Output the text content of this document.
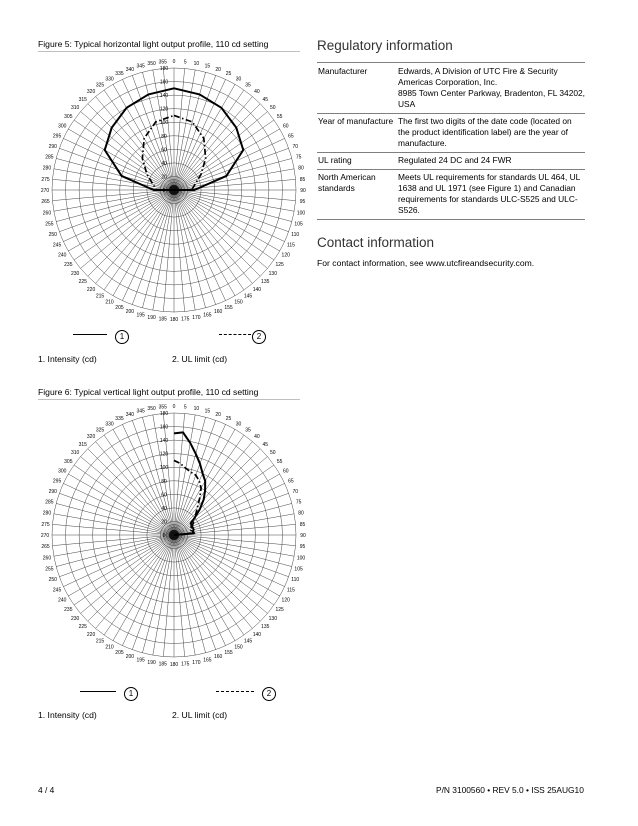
Figure 5: Typical horizontal light output profile, 110 cd setting
0 5 10 15
20
25
30
35
40
45
50
55
60
65
70
75
80
85
90
95
100
105
110
115
120
125
130
135
140
145
150
155
160
165
170
175
180
185
190
195
200
205
210
215
220
225
230
235
240
245
250
255
260
265
270
275
280
285
290
295
300
305
310
315
320
325
330
335
340
345 350 355
0
20
40
60
80
100
120
140
160
180
1	2
1. Intensity (cd)	2. UL limit (cd)
Figure 6: Typical vertical light output profile, 110 cd setting
0 5 10 15
20
25
30
35
40
45
50
55
60
65
70
75
80
85
90
95
100
105
110
115
120
125
130
135
140
145
150
155
160
165
170
175
180
185
190
195
200
205
210
215
220
225
230
235
240
245
250
255
260
265
270
275
280
285
290
295
300
305
310
315
320
325
330
335
340
345 350 355
0
20
40
60
80
100
120
140
160
180
1	2
1. Intensity (cd)	2. UL limit (cd)
Regulatory information
Manufacturer	Edwards, A Division of UTC Fire & Security Americas Corporation, Inc.
8985 Town Center Parkway, Bradenton, FL 34202, USA

Year of manufacture	The first two digits of the date code (located on the product identification label) are the year of manufacture.
UL rating	Regulated 24 DC and 24 FWR
North American standards	Meets UL requirements for standards UL 464, UL 1638 and UL 1971 (see Figure 1) and Canadian requirements for standards ULC-S525 and ULC-S526.
Contact information
For contact information, see www.utcfireandsecurity.com.
4 / 4	P/N 3100560 • REV 5.0 • ISS 25AUG10
